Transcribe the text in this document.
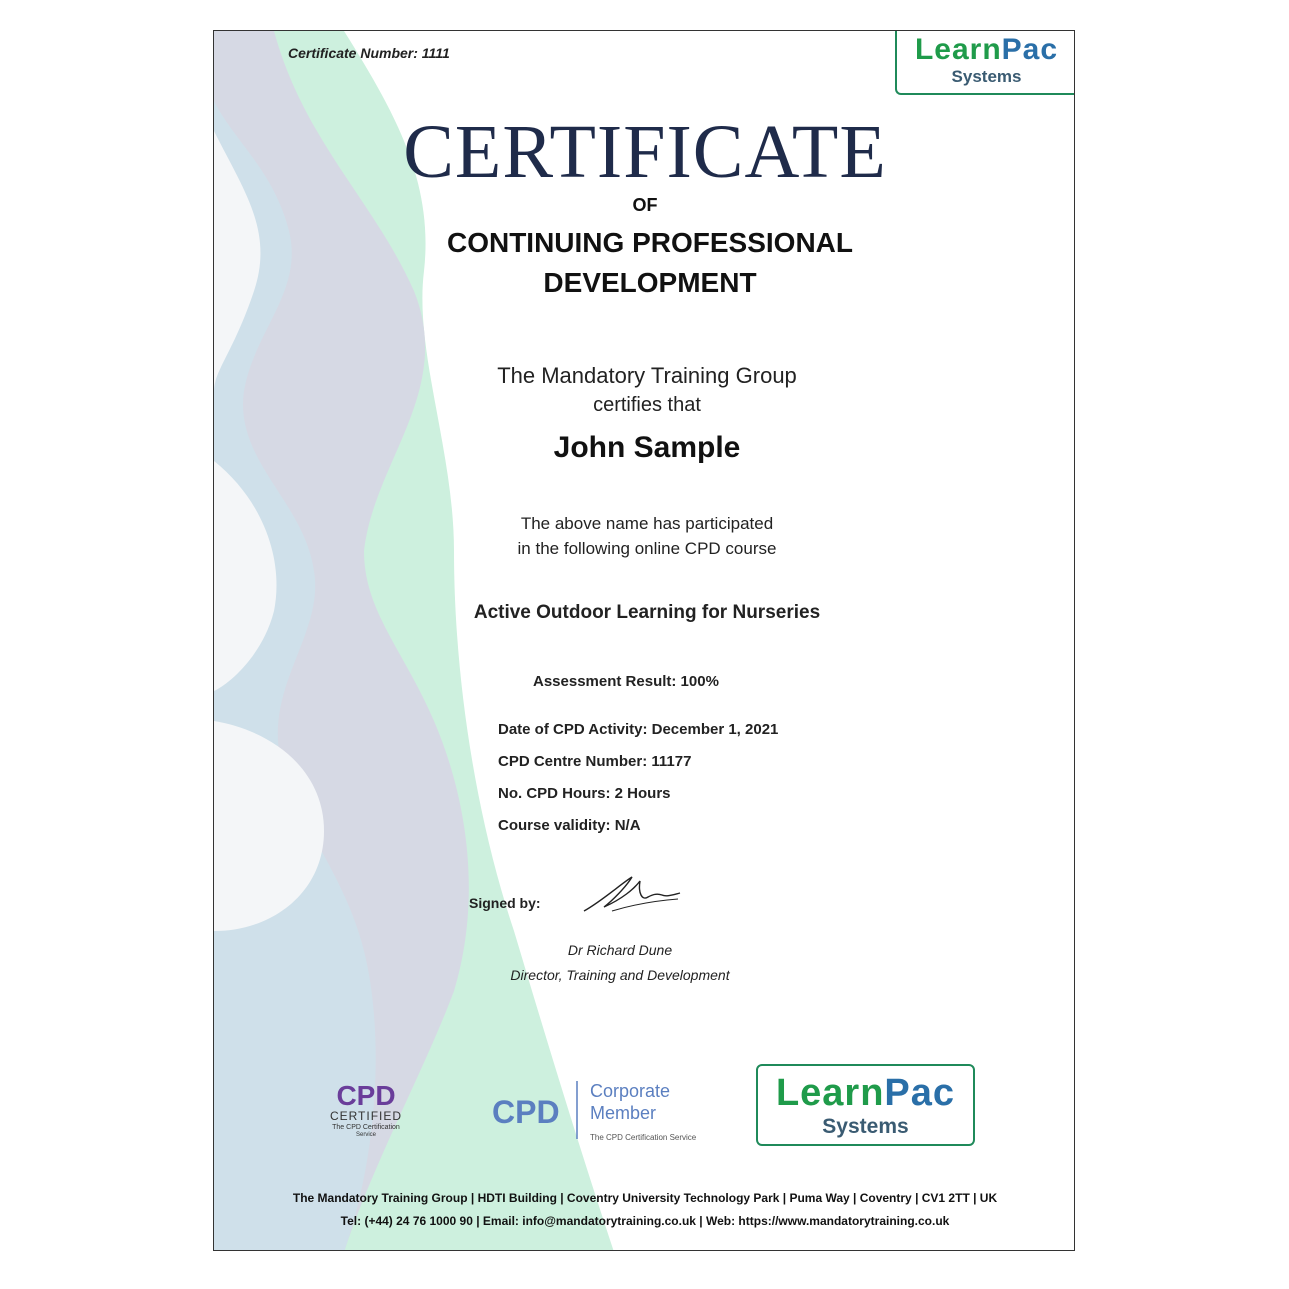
Certificate Number: 1111	LearnPac
Systems
CERTIFICATE
OF
CONTINUING PROFESSIONAL
DEVELOPMENT
The Mandatory Training Group
certifies that
John Sample
The above name has participated
in the following online CPD course
Active Outdoor Learning for Nurseries
Assessment Result: 100%
Date of CPD Activity: December 1, 2021
CPD Centre Number: 11177
No. CPD Hours: 2 Hours
Course validity: N/A
Signed by:
Dr Richard Dune
Director, Training and Development
CPD
CERTIFIED
The CPD Certification
Service
CPD
Corporate
Member
The CPD Certification Service
LearnPac
Systems
The Mandatory Training Group | HDTI Building | Coventry University Technology Park | Puma Way | Coventry | CV1 2TT | UK
Tel: (+44) 24 76 1000 90 | Email: info@mandatorytraining.co.uk | Web: https://www.mandatorytraining.co.uk
